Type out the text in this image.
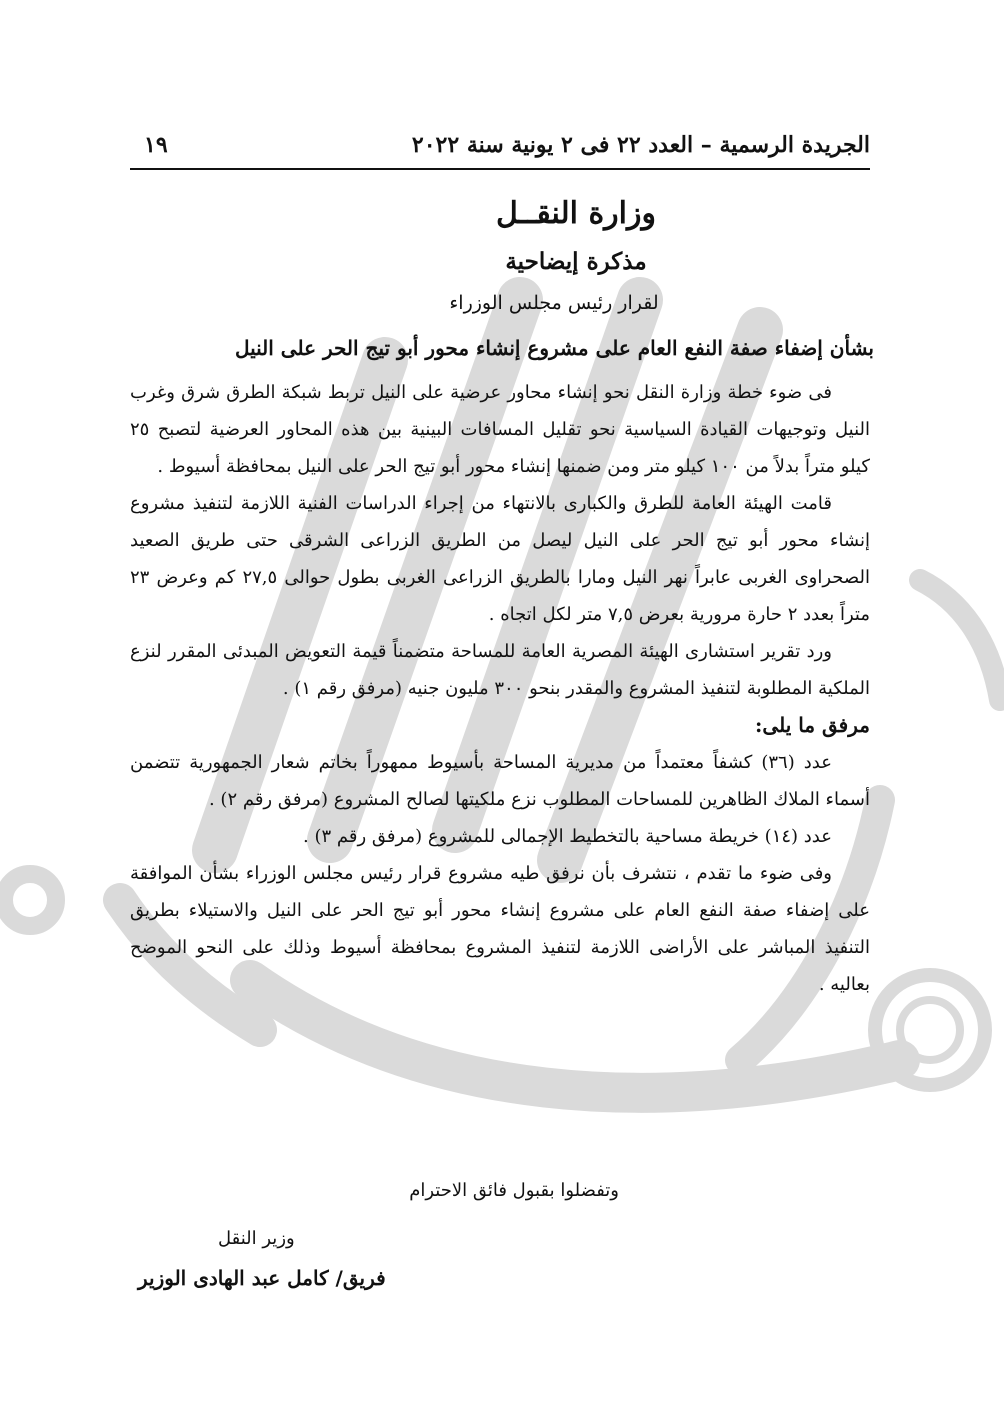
الجريدة الرسمية – العدد ٢٢ فى ٢ يونية سنة ٢٠٢٢
١٩
وزارة النقــل
مذكرة إيضاحية
لقرار رئيس مجلس الوزراء
بشأن إضفاء صفة النفع العام على مشروع إنشاء محور أبو تيج الحر على النيل

فى ضوء خطة وزارة النقل نحو إنشاء محاور عرضية على النيل تربط شبكة الطرق شرق وغرب النيل وتوجيهات القيادة السياسية نحو تقليل المسافات البينية بين هذه المحاور العرضية لتصبح ٢٥ كيلو متراً بدلاً من ١٠٠ كيلو متر ومن ضمنها إنشاء محور أبو تيج الحر على النيل بمحافظة أسيوط .

قامت الهيئة العامة للطرق والكبارى بالانتهاء من إجراء الدراسات الفنية اللازمة لتنفيذ مشروع إنشاء محور أبو تيج الحر على النيل ليصل من الطريق الزراعى الشرقى حتى طريق الصعيد الصحراوى الغربى عابراً نهر النيل ومارا بالطريق الزراعى الغربى بطول حوالى ٢٧,٥ كم وعرض ٢٣ متراً بعدد ٢ حارة مرورية بعرض ٧,٥ متر لكل اتجاه .

ورد تقرير استشارى الهيئة المصرية العامة للمساحة متضمناً قيمة التعويض المبدئى المقرر لنزع الملكية المطلوبة لتنفيذ المشروع والمقدر بنحو ٣٠٠ مليون جنيه (مرفق رقم ١) .

مرفق ما يلى:

عدد (٣٦) كشفاً معتمداً من مديرية المساحة بأسيوط ممهوراً بخاتم شعار الجمهورية تتضمن أسماء الملاك الظاهرين للمساحات المطلوب نزع ملكيتها لصالح المشروع (مرفق رقم ٢) .

عدد (١٤) خريطة مساحية بالتخطيط الإجمالى للمشروع (مرفق رقم ٣) .

وفى ضوء ما تقدم ، نتشرف بأن نرفق طيه مشروع قرار رئيس مجلس الوزراء بشأن الموافقة على إضفاء صفة النفع العام على مشروع إنشاء محور أبو تيج الحر على النيل والاستيلاء بطريق التنفيذ المباشر على الأراضى اللازمة لتنفيذ المشروع بمحافظة أسيوط وذلك على النحو الموضح بعاليه .

وتفضلوا بقبول فائق الاحترام
وزير النقل
فريق/ كامل عبد الهادى الوزير
